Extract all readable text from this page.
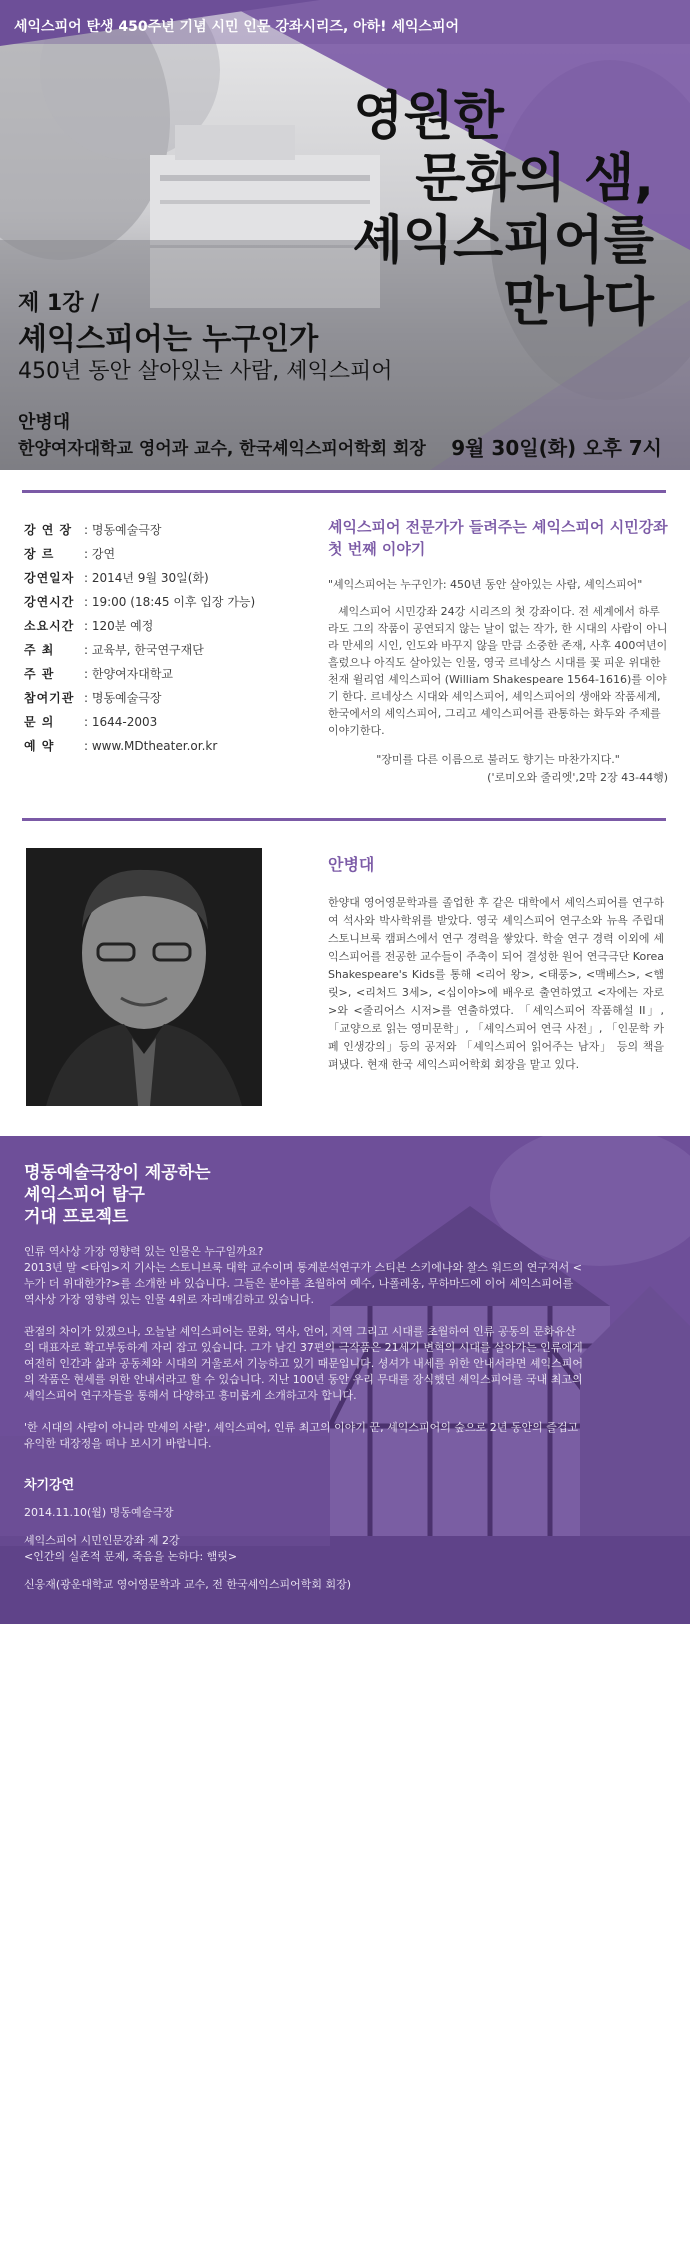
세익스피어 탄생 450주년 기념 시민 인문 강좌시리즈, 아하! 세익스피어
영원한
문화의 샘,
셰익스피어를
만나다
제 1강 /
셰익스피어는 누구인가
450년 동안 살아있는 사람, 셰익스피어
안병대
한양여자대학교 영어과 교수, 한국셰익스피어학회 회장 9월 30일(화) 오후 7시
강 연 장 : 명동예술극장
장 르 : 강연
강연일자 : 2014년 9월 30일(화)
강연시간 : 19:00 (18:45 이후 입장 가능)
소요시간 : 120분 예정
주 최 : 교육부, 한국연구재단
주 관 : 한양여자대학교
참여기관 : 명동예술극장
문 의 : 1644-2003
예 약 : www.MDtheater.or.kr
셰익스피어 전문가가 들려주는 셰익스피어 시민강좌 첫 번째 이야기
"셰익스피어는 누구인가: 450년 동안 살아있는 사람, 셰익스피어"
셰익스피어 시민강좌 24강 시리즈의 첫 강좌이다. 전 세계에서 하루라도 그의 작품이 공연되지 않는 날이 없는 작가, 한 시대의 사람이 아니라 만세의 시인, 인도와 바꾸지 않을 만큼 소중한 존재, 사후 400여년이 흘렀으나 아직도 살아있는 인물, 영국 르네상스 시대를 꽃 피운 위대한 천재 윌리엄 셰익스피어 (William Shakespeare 1564-1616)를 이야기 한다. 르네상스 시대와 셰익스피어, 셰익스피어의 생애와 작품세계, 한국에서의 셰익스피어, 그리고 셰익스피어를 관통하는 화두와 주제를 이야기한다.
"장미를 다른 이름으로 불러도 향기는 마찬가지다."
('로미오와 줄리엣',2막 2장 43-44행)
안병대
한양대 영어영문학과를 졸업한 후 같은 대학에서 셰익스피어를 연구하여 석사와 박사학위를 받았다. 영국 셰익스피어 연구소와 뉴욕 주립대 스토니브룩 캠퍼스에서 연구 경력을 쌓았다. 학술 연구 경력 이외에 셰익스피어를 전공한 교수들이 주축이 되어 결성한 원어 연극극단 Korea Shakespeare's Kids를 통해 <리어 왕>, <태풍>, <맥베스>, <햄릿>, <리처드 3세>, <십이야>에 배우로 출연하였고 <자에는 자로>와 <줄리어스 시저>를 연출하였다. 「셰익스피어 작품해설 II」, 「교양으로 읽는 영미문학」, 「셰익스피어 연극 사전」, 「인문학 카페 인생강의」등의 공저와 「셰익스피어 읽어주는 남자」 등의 책을 펴냈다. 현재 한국 셰익스피어학회 회장을 맡고 있다.
명동예술극장이 제공하는
셰익스피어 탐구
거대 프로젝트

인류 역사상 가장 영향력 있는 인물은 누구일까요?
2013년 말 <타임>지 기사는 스토니브룩 대학 교수이며 통계분석연구가 스티븐 스키에나와 찰스 워드의 연구저서 <누가 더 위대한가?>를 소개한 바 있습니다. 그들은 분야를 초월하여 예수, 나폴레옹, 무하마드에 이어 셰익스피어를 역사상 가장 영향력 있는 인물 4위로 자리매김하고 있습니다.

관점의 차이가 있겠으나, 오늘날 셰익스피어는 문화, 역사, 언어, 지역 그리고 시대를 초월하여 인류 공동의 문화유산의 대표자로 확고부동하게 자리 잡고 있습니다. 그가 남긴 37편의 극작품은 21세기 변혁의 시대를 살아가는 인류에게 여전히 인간과 삶과 공동체와 시대의 거울로서 기능하고 있기 때문입니다. 셩셔가 내세를 위한 안내서라면 셰익스피어의 작품은 현세를 위한 안내서라고 할 수 있습니다. 지난 100년 동안 우리 무대를 장식했던 셰익스피어를 국내 최고의 셰익스피어 연구자들을 통해서 다양하고 흥미롭게 소개하고자 합니다.

'한 시대의 사람이 아니라 만세의 사람', 셰익스피어, 인류 최고의 이야기 꾼, 셰익스피어의 숲으로 2년 동안의 즐겁고 유익한 대장정을 떠나 보시기 바랍니다.

차기강연

2014.11.10(월) 명동예술극장

셰익스피어 시민인문강좌 제 2강
<인간의 실존적 문제, 죽음을 논하다: 햄릿>

신웅재(광운대학교 영어영문학과 교수, 전 한국셰익스피어학회 회장)
